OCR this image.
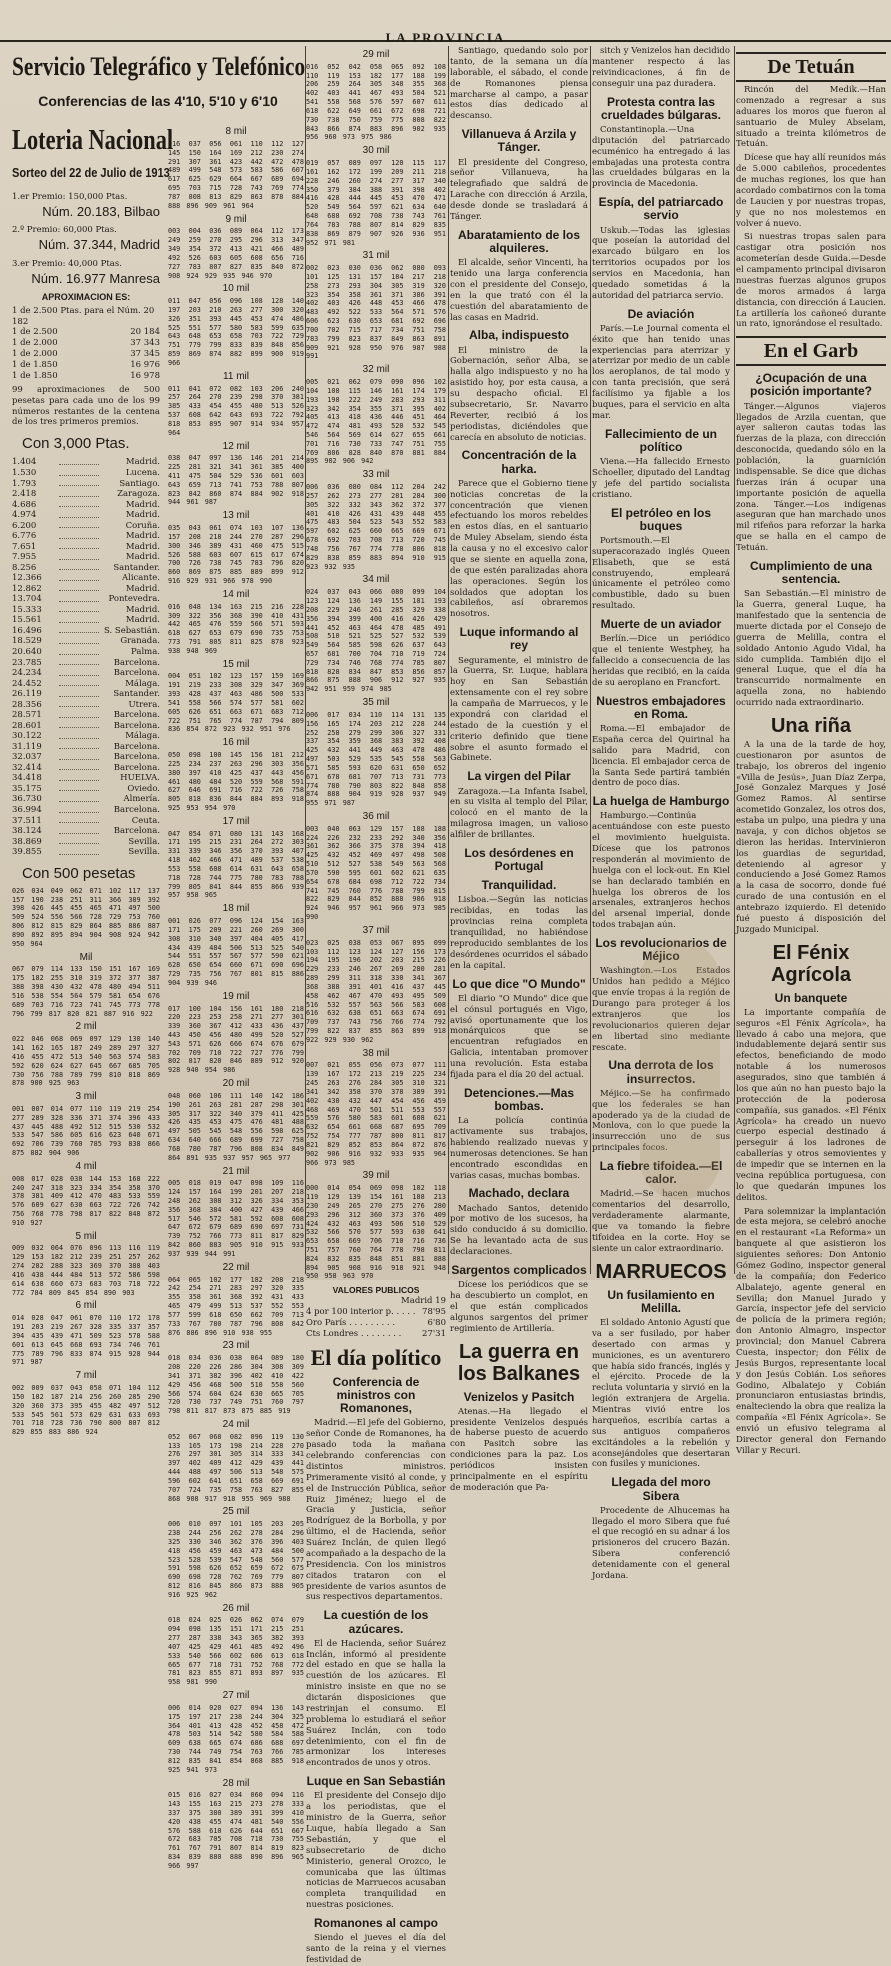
LA PROVINCIA
Servicio Telegráfico y Telefónico
Conferencias de las 4'10, 5'10 y 6'10
Loteria Nacional
Sorteo del 22 de Julio de 1913
1.er Premio: 150,000 Ptas.
Núm. 20.183, Bilbao
2.º Premio: 60,000 Ptas.
Núm. 37.344, Madrid
3.er Premio: 40,000 Ptas.
Núm. 16.977 Manresa
APROXIMACION ES:
1 de 2.500 Ptas. para el Núm. 20 182
1 de 2.500	20 184
1 de 2.000	37 343
1 de 2.000	37 345
1 de 1.850	16 976
1 de 1.850	16 978
99 aproximaciones de 500 pesetas para cada uno de los 99 números restantes de la centena de los tres primeros premios.
Con 3,000 Ptas.
1.404	Madrid.
1.530	Lucena.
1.793	Santiago.
2.418	Zaragoza.
4.686	Madrid.
4.974	Madrid.
6.200	Coruña.
6.776	Madrid.
7.651	Madrid.
7.955	Madrid.
8.256	Santander.
12.366	Alicante.
12.862	Madrid.
13.704	Pontevedra.
15.333	Madrid.
15.561	Madrid.
16.496	S. Sebastián.
18.529	Granada.
20.640	Palma.
23.785	Barcelona.
24.234	Barcelona.
24.452	Málaga.
26.119	Santander.
28.356	Utrera.
28.571	Barcelona.
28.601	Barcelona.
30.122	Málaga.
31.119	Barcelona.
32.037	Barcelona.
32.414	Barcelona.
34.418	HUELVA.
35.175	Oviedo.
36.730	Almería.
36.994	Barcelona.
37.511	Ceuta.
38.124	Barcelona.
38.869	Sevilla.
39.855	Sevilla.
Con 500 pesetas
026 034 049 062 071 102 117 137 157 190 238 251 311 366 389 392 398 426 445 455 465 471 497 500 509 524 556 566 728 729 753 760 806 812 815 829 864 885 886 887 890 892 895 894 904 908 924 942 950 964
Mil
067 079 114 133 150 151 167 169 175 182 255 310 319 372 377 387 388 398 430 432 478 480 494 511 516 538 554 564 579 581 654 676 689 703 716 723 741 745 773 778 796 799 817 820 821 887 916 922
2 mil
022 046 068 069 097 129 130 140 141 162 165 187 249 289 297 327 416 455 472 513 540 563 574 583 592 620 624 627 645 667 685 705 730 756 788 789 799 810 818 869 878 900 925 963
3 mil
001 007 014 077 110 119 219 254 277 289 328 336 371 374 396 433 437 445 488 492 512 515 530 532 533 547 586 605 616 623 640 671 692 706 739 760 785 793 838 866 875 882 904 906
4 mil
008 017 028 038 144 153 168 222 240 247 318 323 334 354 358 370 378 381 409 412 470 483 533 559 576 609 627 630 663 722 726 742 756 768 778 798 817 822 848 872 910 927
5 mil
009 032 064 076 096 113 116 119 129 153 182 212 239 251 257 262 274 282 288 323 369 370 388 403 416 438 444 484 513 572 586 598 614 638 660 673 683 703 718 722 772 784 809 845 854 890 903
6 mil
014 028 047 061 070 110 172 178 191 203 219 267 328 335 337 357 394 435 439 471 509 523 578 588 601 613 645 668 693 734 746 761 775 789 796 833 874 915 928 944 971 987
7 mil
002 009 037 043 058 071 104 112 150 182 187 214 256 260 285 290 320 360 373 395 455 482 497 512 533 545 561 573 629 631 633 693 701 718 728 736 790 800 807 812 829 855 883 886 924
8 mil
016 037 056 061 110 112 127 145 150 164 169 212 230 274 291 307 361 423 442 472 478 489 499 548 573 583 586 607 617 625 629 664 667 689 694 695 703 715 728 743 769 774 787 808 813 829 863 878 884 888 896 909 961 964
9 mil
003 004 036 089 064 112 173 249 259 270 295 296 313 347 349 354 372 413 421 466 489 492 526 603 605 608 656 716 727 783 807 827 835 840 872 908 924 929 935 946 970
10 mil
011 047 056 096 108 128 140 197 203 210 263 277 300 320 326 351 393 445 453 474 486 525 551 577 580 583 599 635 643 648 653 658 703 722 729 751 779 799 833 839 848 856 859 869 874 882 899 900 919 966
11 mil
011 041 072 082 103 206 240 257 264 270 239 298 370 381 385 433 454 455 480 513 526 537 608 642 643 693 722 792 818 853 895 907 914 934 957 964
12 mil
038 047 097 136 146 201 214 225 281 321 341 361 385 400 411 475 504 529 536 601 603 643 659 713 741 753 788 807 823 842 860 874 884 902 918 944 961 987
13 mil
035 043 061 074 103 107 136 157 208 218 244 270 287 296 300 346 389 431 460 475 515 526 588 603 607 615 617 674 700 726 738 745 783 796 820 860 869 875 885 889 899 912 916 929 931 966 978 990
14 mil
016 048 134 163 215 216 228 309 322 356 368 390 410 431 442 465 476 559 566 571 593 618 627 653 679 690 735 753 773 791 805 811 825 878 923 938 948 969
15 mil
004 051 102 123 157 159 169 191 219 233 308 329 347 369 393 428 437 463 486 500 533 541 558 566 574 577 581 602 605 626 651 663 671 683 712 722 751 765 774 787 794 809 836 854 872 923 932 951 976
16 mil
050 098 100 145 156 181 212 225 234 237 263 296 303 356 380 397 410 425 437 443 456 461 480 484 520 559 568 591 627 646 691 716 722 726 758 805 818 836 844 884 893 918 925 953 954 970
17 mil
047 054 071 080 131 143 168 171 195 215 231 264 272 303 331 339 346 356 370 393 407 418 462 466 471 489 537 538 553 558 608 614 631 643 658 718 728 744 775 780 783 788 799 805 841 844 855 866 939 957 958 965
18 mil
001 026 077 096 124 154 163 171 175 209 221 260 269 300 308 310 340 397 404 405 417 434 439 484 506 513 525 540 544 551 557 567 577 590 621 628 650 654 660 671 690 696 729 735 756 767 801 815 886 904 939 946
19 mil
017 100 104 156 161 180 218 220 223 253 258 271 277 301 339 360 367 412 433 436 437 443 450 456 480 499 520 527 543 571 626 666 674 676 679 702 709 710 722 727 776 799 802 817 820 846 889 912 920 928 940 954 986
20 mil
048 060 106 111 140 142 186 190 261 263 281 287 298 301 305 317 322 340 379 411 425 426 435 453 475 476 481 488 497 505 545 548 556 598 625 634 640 666 689 699 727 758 768 780 787 796 808 834 849 864 891 935 937 957 965 977
21 mil
005 018 019 047 098 109 116 124 157 164 199 201 207 218 248 262 308 312 326 334 353 356 368 384 400 427 439 466 517 546 572 581 592 608 608 647 672 679 689 690 697 731 739 752 766 773 811 817 829 842 860 883 905 910 915 933 937 939 944 991
22 mil
064 065 102 177 182 208 218 242 254 271 283 297 320 335 355 358 361 368 392 431 433 465 479 499 513 537 552 553 577 599 618 650 662 709 713 733 767 780 787 796 808 842 876 886 896 910 938 955
23 mil
018 034 036 038 064 089 180 208 220 226 286 304 308 309 341 371 382 396 402 410 422 429 456 468 500 510 558 560 566 574 604 624 630 665 705 720 730 737 749 751 760 797 798 811 817 873 875 885 919
24 mil
052 067 068 082 096 119 130 133 165 173 198 214 228 270 276 297 301 305 314 333 341 397 402 409 412 429 439 441 444 488 497 506 513 548 575 596 602 641 651 658 669 691 707 724 735 758 763 827 855 868 908 917 918 955 969 988
25 mil
006 010 097 101 105 203 205 238 244 256 262 278 284 296 325 330 346 362 376 396 403 418 456 459 463 473 484 500 523 528 539 547 548 560 577 591 598 626 652 659 672 675 690 698 728 762 769 779 807 812 816 845 866 873 888 905 916 925 962
26 mil
018 024 025 026 062 074 079 094 098 135 151 171 215 251 277 287 338 343 365 382 393 407 425 429 461 485 492 496 533 540 566 602 606 613 618 665 677 718 731 752 768 772 781 823 855 871 893 897 935 958 981 990
27 mil
006 014 020 027 094 136 143 175 197 217 238 244 304 325 364 401 413 428 452 458 472 478 503 514 542 580 584 588 609 638 665 674 686 688 697 730 744 749 754 763 766 785 812 835 841 854 868 885 918 925 941 973
28 mil
015 016 027 034 060 094 116 143 155 163 215 273 278 333 337 375 380 389 391 399 410 420 438 455 474 481 540 556 576 588 610 626 644 651 667 672 683 705 708 718 730 755 761 767 791 807 814 819 823 834 839 880 888 890 896 965 966 997
29 mil
016 052 042 058 065 092 108 110 119 153 182 177 188 199 206 259 264 305 348 355 368 402 403 441 467 493 504 521 541 558 568 576 597 607 611 618 622 649 661 672 698 721 730 738 750 759 775 808 822 843 866 874 883 896 902 935 956 960 973 975 986
30 mil
019 057 089 097 120 115 117 161 162 172 199 209 211 218 228 246 260 274 277 317 340 350 379 384 388 391 398 402 416 428 444 445 453 470 471 520 549 564 597 621 634 640 648 688 692 708 738 743 761 764 783 788 807 814 829 835 838 869 879 907 926 936 951 952 971 981
31 mil
002 023 030 036 062 080 093 101 125 131 157 184 217 218 258 273 293 304 305 319 320 323 354 358 361 371 386 391 402 403 426 448 453 466 478 483 492 522 533 564 571 576 606 623 630 653 681 692 696 700 702 715 717 734 751 758 783 799 823 837 849 863 891 909 921 928 950 976 987 988 991
32 mil
005 021 062 079 090 096 102 104 108 115 146 161 174 179 193 198 222 249 283 293 311 323 342 354 355 371 395 402 405 413 418 436 446 451 464 472 474 481 493 520 532 545 546 564 569 614 627 655 661 701 716 730 733 747 751 755 769 806 828 840 870 881 884 895 902 906 942
33 mil
006 036 080 084 112 204 242 257 262 273 277 281 284 300 305 322 332 343 362 372 377 401 410 426 431 439 448 455 475 483 504 523 543 552 583 597 602 625 660 665 669 671 678 692 703 708 713 720 745 748 756 767 774 778 806 818 829 838 859 883 894 910 915 923 932 935
34 mil
024 037 043 066 080 099 104 123 124 136 149 155 181 193 208 229 246 261 285 329 338 356 394 399 400 416 426 429 441 452 463 464 478 485 491 508 510 521 525 527 532 539 549 564 585 598 626 637 643 657 681 700 704 710 719 724 729 734 746 768 774 785 807 818 828 834 847 853 856 857 866 875 888 906 912 927 935 942 951 959 974 985
35 mil
006 017 034 110 114 131 135 156 165 174 203 212 228 244 252 258 279 299 306 327 331 337 354 359 368 383 392 408 425 432 441 449 463 478 486 497 503 529 535 545 558 563 571 585 593 620 631 650 652 671 678 681 707 713 731 773 774 780 790 803 822 848 858 874 888 904 919 928 937 949 955 971 987
36 mil
003 040 063 129 157 188 188 224 226 232 233 292 340 356 361 362 366 375 378 394 418 425 432 452 469 497 498 508 510 512 527 538 549 563 568 570 590 595 601 602 621 635 654 678 684 698 712 722 734 741 745 760 776 788 799 815 822 829 844 852 888 906 918 924 946 957 961 966 973 985 990
37 mil
023 025 038 053 067 095 099 103 112 123 124 127 156 173 194 195 196 202 203 215 226 229 233 246 267 269 280 281 289 299 311 318 330 341 367 368 388 391 401 416 437 445 458 462 467 470 493 495 509 516 532 557 563 566 583 608 616 632 638 651 663 674 691 709 737 743 756 766 774 792 799 822 837 855 863 899 918 922 929 930 962
38 mil
007 021 055 056 073 077 111 139 167 172 213 219 225 234 245 263 276 284 305 310 321 341 342 358 370 378 389 391 402 430 432 447 454 456 459 468 469 470 501 511 553 557 559 576 580 583 601 608 621 632 654 661 668 687 695 709 752 754 777 787 800 811 817 821 829 852 853 864 872 876 902 906 916 932 933 935 964 966 973 985
39 mil
000 014 054 069 098 102 118 119 129 139 154 161 188 213 230 249 265 270 275 276 280 293 296 312 360 373 376 409 424 432 463 493 506 510 529 532 566 570 577 593 630 641 653 658 669 706 710 716 736 751 757 760 764 778 798 811 824 832 835 848 851 881 888 894 905 908 916 918 921 948 950 958 963 970
VALORES PUBLICOS
Madrid 19
4 por 100 interior p. . . . . 78'95
Oro París . . . . . . . . .	6'80
Cts Londres . . . . . . . . 27'31
El día político
Conferencia de ministros con Romanones,

Madrid.—El jefe del Gobierno, señor Conde de Romanones, ha pasado toda la mañana celebrando conferencias con distintos ministros. Primeramente visitó al conde, y el de Instrucción Pública, señor Ruiz Jiménez; luego el de Gracia y Justicia, señor Rodríguez de la Borbolla, y por último, el de Hacienda, señor Suárez Inclán, de quien llegó acompañado a la despacho de la Presidencia. Con los ministros citados trataron con el presidente de varios asuntos de sus respectivos departamentos.

La cuestión de los azúcares.

El de Hacienda, señor Suárez Inclán, informó al presidente del estado en que se halla la cuestión de los azúcares. El ministro insiste en que no se dictarán disposiciones que restrinjan el consumo. El problema lo estudiará el señor Suárez Inclán, con todo detenimiento, con el fin de armonizar los intereses encontrados de unos y otros.

Luque en San Sebastián

El presidente del Consejo dijo a los periodistas, que el ministro de la Guerra, señor Luque, había llegado a San Sebastián, y que el subsecretario de dicho Ministerio, general Orozco, le comunicaba que las últimas noticias de Marruecos acusaban completa tranquilidad en nuestras posiciones.

Romanones al campo

Siendo el jueves el día del santo de la reina y el viernes festividad de

Santiago, quedando solo por tanto, de la semana un día laborable, el sábado, el conde de Romanones piensa marcharse al campo, a pasar estos días dedicado al descanso.

Villanueva á Arzila y Tánger.

El presidente del Congreso, señor Villanueva, ha telegrafiado que saldrá de Larache con dirección á Arzila, desde donde se trasladará á Tánger.

Abaratamiento de los alquileres.

El alcalde, señor Vincenti, ha tenido una larga conferencia con el presidente del Consejo, en la que trató con él la cuestión del abaratamiento de las casas en Madrid.

Alba, indispuesto

El ministro de la Gobernación, señor Alba, se halla algo indispuesto y no ha asistido hoy, por esta causa, a su despacho oficial. El subsecretario, Sr. Navarro Reverter, recibió á los periodistas, diciéndoles que carecía en absoluto de noticias.

Concentración de la harka.

Parece que el Gobierno tiene noticias concretas de la concentración que vienen efectuando los moros rebeldes en estos días, en el santuario de Muley Abselam, siendo ésta la causa y no el excesivo calor que se siente en aquella zona, de que estén paralizadas ahora las operaciones. Según los soldados que adoptan los cabileños, así obraremos nosotros.

Luque informando al rey

Seguramente, el ministro de la Guerra, Sr. Luque, hablara hoy en San Sebastián extensamente con el rey sobre la campaña de Marruecos, y le expondrá con claridad el estado de la cuestión y el criterio definido que tiene sobre el asunto formado el Gabinete.

La virgen del Pilar

Zaragoza.—La Infanta Isabel, en su visita al templo del Pilar, colocó en el manto de la milagrosa imagen, un valioso alfiler de brillantes.

Los desórdenes en Portugal
Tranquilidad.

Lisboa.—Según las noticias recibidas, en todas las provincias reina completa tranquilidad, no habiéndose reproducido semblantes de los desórdenes ocurridos el sábado en la capital.

Lo que dice "O Mundo"

El diario "O Mundo" dice que el cónsul portugués en Vigo, avisó oportunamente que los monárquicos que se encuentran refugiados en Galicia, intentaban promover una revolución. Esta estaba fijada para el día 20 del actual.

Detenciones.—Mas bombas.

La policía continúa activamente sus trabajos, habiendo realizado nuevas y numerosas detenciones. Se han encontrado escondidas en varias casas, muchas bombas.

Machado, declara

Machado Santos, detenido por motivo de los sucesos, ha sido conducido á su domicilio. Se ha levantado acta de sus declaraciones.

Sargentos complicados

Dícese los periódicos que se ha descubierto un complot, en el que están complicados algunos sargentos del primer regimiento de Artillería.

La guerra en los Balkanes
Venizelos y Pasitch

Atenas.—Ha llegado el presidente Venizelos después de haberse puesto de acuerdo con Pasitch sobre las condiciones para la paz. Los periódicos insisten principalmente en el espíritu de moderación que Pa-

sitch y Venizelos han decidido mantener respecto á las reivindicaciones, á fin de conseguir una paz duradera.

Protesta contra las crueldades búlgaras.

Constantinopla.—Una diputación del patriarcado ecuménico ha entregado á las embajadas una protesta contra las crueldades búlgaras en la provincia de Macedonia.

Espía, del patriarcado servio

Uskub.—Todas las iglesias que poseían la autoridad del exarcado búlgaro en los territorios ocupados por los servios en Macedonia, han quedado sometidas á la autoridad del patriarca servio.

De aviación

París.—Le Journal comenta el éxito que han tenido unas experiencias para aterrizar y aterrizar por medio de un cable los aeroplanos, de tal modo y con tanta precisión, que será facilísimo ya fijable a los buques, para el servicio en alta mar.

Fallecimiento de un político

Viena.—Ha fallecido Ernesto Schoeller, diputado del Landtag y jefe del partido socialista cristiano.

El petróleo en los buques

Portsmouth.—El superacorazado inglés Queen Elisabeth, que se está construyendo, empleará únicamente el petróleo como combustible, dado su buen resultado.

Muerte de un aviador

Berlín.—Dice un periódico que el teniente Westphey, ha fallecido a consecuencia de las heridas que recibió, en la caída de su aeroplano en Francfort.

Nuestros embajadores en Roma.

Roma.—El embajador de España cerca del Quirinal ha salido para Madrid, con licencia. El embajador cerca de la Santa Sede partirá también dentro de poco días.

La huelga de Hamburgo

Hamburgo.—Continúa acentuándose con este puesto el movimiento huelguista. Dícese que los patronos responderán al movimiento de huelga con el lock-out. En Kiel se han declarado también en huelga los obreros de los arsenales, extranjeros hechos del arsenal imperial, donde todos trabajan aún.

Los revolucionarios de Méjico

Washington.—Los Estados Unidos han pedido a Méjico que envíe tropas á la región de Durango para proteger á los extranjeros que los revolucionarios quieren dejar en libertad sino mediante rescate.

Una derrota de los insurrectos.

Méjico.—Se ha confirmado que los federales se han apoderado ya de la ciudad de Monlova, con lo que puede la insurrección uno de sus principales focos.

La fiebre tifoidea.—El calor.

Madrid.—Se hacen muchos comentarios del desarrollo, verdaderamente alarmante, que va tomando la fiebre tifoidea en la corte. Hoy se siente un calor extraordinario.

MARRUECOS
Un fusilamiento en Melilla.

El soldado Antonio Agustí que va a ser fusilado, por haber desertado con armas y municiones, es un aventurero que había sido francés, inglés y el ejército. Procede de la recluta voluntaria y sirvió en la legión extranjera de Argelia. Mientras vivió entre los harqueños, escribía cartas a sus antiguos compañeros excitándoles a la rebelión y aconsejándoles que desertaran con fusiles y municiones.

Llegada del moro Sibera

Procedente de Alhucemas ha llegado el moro Sibera que fué el que recogió en su adnar á los prisioneros del crucero Bazán. Sibera conferenció detenidamente con el general Jordana.

De Tetuán

Rincón del Medik.—Han comenzado a regresar a sus aduares los moros que fueron al santuario de Muley Abselam, situado a treinta kilómetros de Tetuán.

Dícese que hay allí reunidos más de 5.000 cabileños, procedentes de muchas regiones, los que han acordado combatirnos con la toma de Laucien y por nuestras tropas, y que no nos molestemos en volver á nuevo.

Si nuestras tropas salen para castigar otra posición nos acometerían desde Guida.—Desde el campamento principal divisaron nuestras fuerzas algunos grupos de moros armados á larga distancia, con dirección á Laucien. La artillería los cañoneó durante un rato, ignorándose el resultado.

En el Garb
¿Ocupación de una posición importante?

Tánger.—Algunos viajeros llegados de Arzila cuentan, que ayer salieron cautas todas las fuerzas de la plaza, con dirección desconocida, quedando sólo en la población, la guarnición indispensable. Se dice que dichas fuerzas irán á ocupar una importante posición de aquella zona. Tánger.—Los indígenas aseguran que han marchado unos mil rifeños para reforzar la harka que se halla en el campo de Tetuán.

Cumplimiento de una sentencia.

San Sebastián.—El ministro de la Guerra, general Luque, ha manifestado que la sentencia de muerte dictada por el Consejo de guerra de Melilla, contra el soldado Antonio Agudo Vidal, ha sido cumplida. También dijo el general Luque, que el día ha transcurrido normalmente en aquella zona, no habiendo ocurrido nada extraordinario.

Una riña

A la una de la tarde de hoy, cuestionaron por asuntos de trabajo, los obreros del ingenio «Villa de Jesús», Juan Díaz Zerpa, José Gonzalez Marques y José Gomez Ramos. Al sentirse acometido Gonzalez, los otros dos, estaba un pulpo, una piedra y una navaja, y con dichos objetos se dieron las heridas. Intervinieron los guardias de seguridad, deteniendo al agresor y conduciendo a José Gomez Ramos a la casa de socorro, donde fué curado de una contusión en el antebrazo izquierdo. El detenido fué puesto á disposición del Juzgado Municipal.

El Fénix Agrícola
Un banquete

La importante compañía de seguros «El Fénix Agrícola», ha llevado á cabo una mejora, que indudablemente dejará sentir sus efectos, beneficiando de modo notable á los numerosos asegurados, sino que también á los que aún no han puesto bajo la protección de la poderosa compañía, sus ganados. «El Fénix Agrícola» ha creado un nuevo cuerpo especial destinado á perseguir á los ladrones de caballerías y otros semovientes y de impedir que se internen en la vecina república portuguesa, con lo que quedarán impunes los delitos.

Para solemnizar la implantación de esta mejora, se celebró anoche en el restaurant «La Reforma» un banquete al que asistieron los siguientes señores: Don Antonio Gómez Godino, inspector general de la compañía; don Federico Albalatejo, agente general en Sevilla; don Manuel Jurado y García, inspector jefe del servicio de policía de la primera región; don Antonio Almagro, inspector provincial; don Manuel Cabrera Cuesta, inspector; don Félix de Jesús Burgos, representante local y don Jesús Cobián. Los señores Godino, Albalatejo y Cobián pronunciaron entusiastas brindis, enalteciendo la obra que realiza la compañía «El Fénix Agrícola». Se envió un efusivo telegrama al Director general don Fernando Villar y Recuri.
